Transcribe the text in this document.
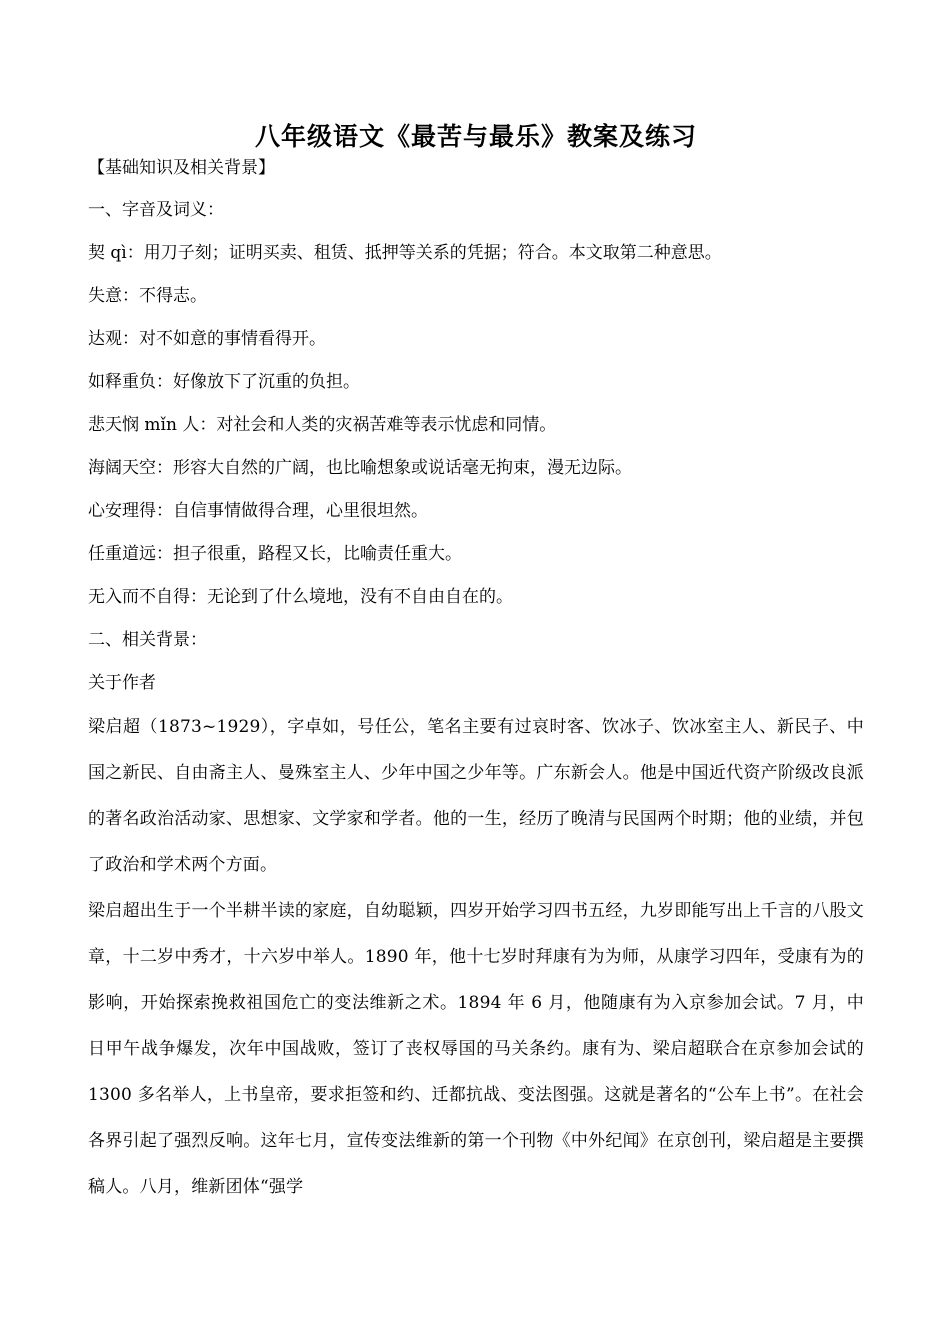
八年级语文《最苦与最乐》教案及练习
【基础知识及相关背景】
一、字音及词义：
契 qì：用刀子刻；证明买卖、租赁、抵押等关系的凭据；符合。本文取第二种意思。
失意：不得志。
达观：对不如意的事情看得开。
如释重负：好像放下了沉重的负担。
悲天悯 mǐn 人：对社会和人类的灾祸苦难等表示忧虑和同情。
海阔天空：形容大自然的广阔，也比喻想象或说话毫无拘束，漫无边际。
心安理得：自信事情做得合理，心里很坦然。
任重道远：担子很重，路程又长，比喻责任重大。
无入而不自得：无论到了什么境地，没有不自由自在的。
二、相关背景：
关于作者
梁启超（1873~1929），字卓如，号任公，笔名主要有过哀时客、饮冰子、饮冰室主人、新民子、中国之新民、自由斋主人、曼殊室主人、少年中国之少年等。广东新会人。他是中国近代资产阶级改良派的著名政治活动家、思想家、文学家和学者。他的一生，经历了晚清与民国两个时期；他的业绩，并包了政治和学术两个方面。
梁启超出生于一个半耕半读的家庭，自幼聪颖，四岁开始学习四书五经，九岁即能写出上千言的八股文章，十二岁中秀才，十六岁中举人。1890 年，他十七岁时拜康有为为师，从康学习四年，受康有为的影响，开始探索挽救祖国危亡的变法维新之术。1894 年 6 月，他随康有为入京参加会试。7 月，中日甲午战争爆发，次年中国战败，签订了丧权辱国的马关条约。康有为、梁启超联合在京参加会试的 1300 多名举人，上书皇帝，要求拒签和约、迁都抗战、变法图强。这就是著名的“公车上书”。在社会各界引起了强烈反响。这年七月，宣传变法维新的第一个刊物《中外纪闻》在京创刊，梁启超是主要撰稿人。八月，维新团体“强学
